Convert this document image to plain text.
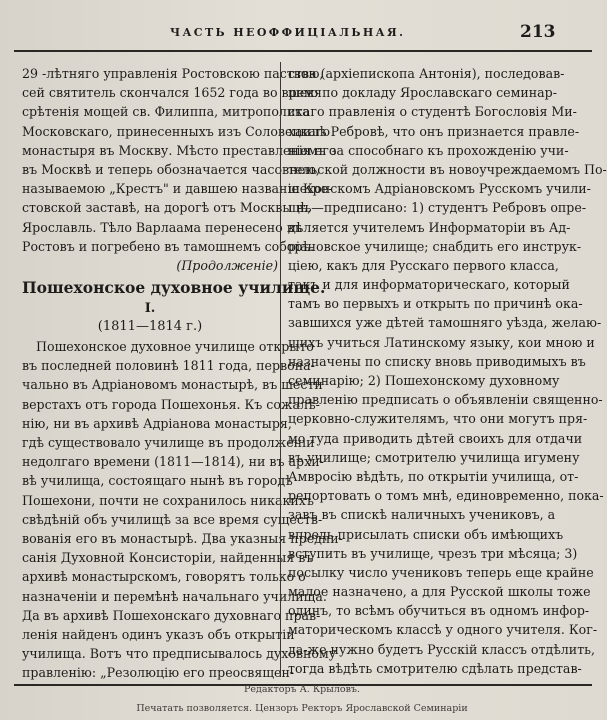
ЧАСТЬ НЕОФФИЦІАЛЬНАЯ.	213
29 -лѣтняго управленія Ростовскою паствою,
сей святитель скончался 1652 года во время
срѣтенія мощей св. Филиппа, митрополита
Московскаго, принесенныхъ изъ Соловецкаго
монастыря въ Москву. Мѣсто преставленія его
въ Москвѣ и теперь обозначается часовнею,
называемою „Крестъ" и давшею названіе Кре-
стовской заставѣ, на дорогѣ отъ Москвы въ
Ярославль. Тѣло Варлаама перенесено въ
Ростовъ и погребено въ тамошнемъ соборѣ.
(Продолженіе)
Пошехонское духовное училище.
I.
(1811—1814 г.)
Пошехонское духовное училище открыто
въ последней половинѣ 1811 года, первона-
чально въ Адріановомъ монастырѣ, въ шести
верстахъ отъ города Пошехонья. Къ сожалѣ-
нію, ни въ архивѣ Адріанова монастыря,
гдѣ существовало училище въ продолженіи
недолгаго времени (1811—1814), ни въ архи-
вѣ училища, состоящаго нынѣ въ городѣ
Пошехони, почти не сохранилось никакихъ
свѣдѣній объ училищѣ за все время существ-
вованія его въ монастырѣ. Два указныя предпи-
санія Духовной Консисторіи, найденныя въ
архивѣ монастырскомъ, говорятъ только о
назначеніи и перемѣнѣ начальнаго училища.
Да въ архивѣ Пошехонскаго духовнаго прав-
ленія найденъ одинъ указъ объ открытіи
училища. Вотъ что предписывалось духовному
правленію: „Резолюцію его преосвящен-
ства (архіепископа Антонія), последовав-
шею по докладу Ярославскаго семинар-
скаго правленія о студентѣ Богословія Ми-
хаилѣ Ребровѣ, что онъ признается правле-
ніемъ за способнаго къ прохожденію учи-
тельской должности въ новоучреждаемомъ По-
шехонскомъ Адріановскомъ Русскомъ учили-
щѣ,—предписано: 1) студентъ Ребровъ опре-
дѣляется учителемъ Информаторіи въ Ад-
ріановское училище; снабдить его инструк-
ціею, какъ для Русскаго первого класса,
такъ и для информаторическаго, который
тамъ во первыхъ и открыть по причинѣ ока-
завшихся уже дѣтей тамошняго уѣзда, желаю-
щихъ учиться Латинскому языку, кои мною и
назначены по списку вновь приводимыхъ въ
семинарію; 2) Пошехонскому духовному
правленію предписать о объявленіи священно-
церковно-служителямъ, что они могутъ пря-
мо туда приводить дѣтей своихъ для отдачи
въ училище; смотрителю училища игумену
Амвросію вѣдѣть, по открытіи училища, от-
репортовать о томъ мнѣ, единовременно, пока-
завъ въ спискѣ наличныхъ учениковъ, а
впредь присылать списки объ имѣющихъ
вступить въ училище, чрезъ три мѣсяца; 3)
посылку число учениковъ теперь еще крайне
малое назначено, а для Русской школы тоже
одинъ, то всѣмъ обучиться въ одномъ инфор-
маторическомъ классѣ у одного учителя. Ког-
да-же нужно будетъ Русскій классъ отдѣлить,
тогда вѣдѣть смотрителю сдѣлать представ-
Редакторъ А. Крыловъ.
Печатать позволяется. Цензоръ Ректоръ Ярославской Семинаріи
